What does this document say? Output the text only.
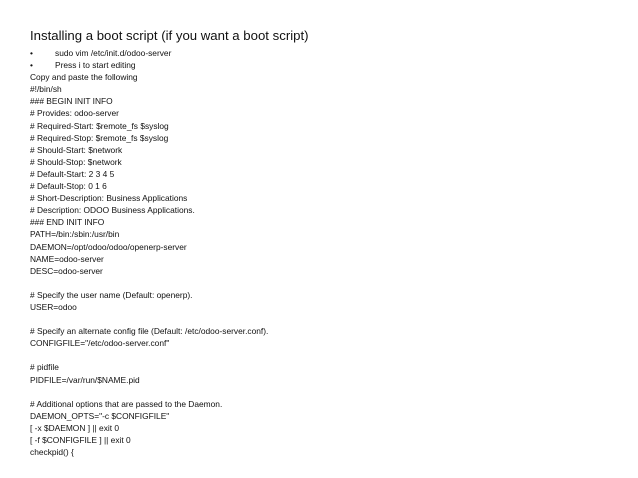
Installing a boot script (if you want a boot script)
•	sudo vim /etc/init.d/odoo-server
•	Press i to start editing
Copy and paste the following
#!/bin/sh
### BEGIN INIT INFO
# Provides: odoo-server
# Required-Start: $remote_fs $syslog
# Required-Stop: $remote_fs $syslog
# Should-Start: $network
# Should-Stop: $network
# Default-Start: 2 3 4 5
# Default-Stop: 0 1 6
# Short-Description: Business Applications
# Description: ODOO Business Applications.
### END INIT INFO
PATH=/bin:/sbin:/usr/bin
DAEMON=/opt/odoo/odoo/openerp-server
NAME=odoo-server
DESC=odoo-server
# Specify the user name (Default: openerp).
USER=odoo
# Specify an alternate config file (Default: /etc/odoo-server.conf).
CONFIGFILE="/etc/odoo-server.conf"
# pidfile
PIDFILE=/var/run/$NAME.pid
# Additional options that are passed to the Daemon.
DAEMON_OPTS="-c $CONFIGFILE"
[ -x $DAEMON ] || exit 0
[ -f $CONFIGFILE ] || exit 0
checkpid() {
